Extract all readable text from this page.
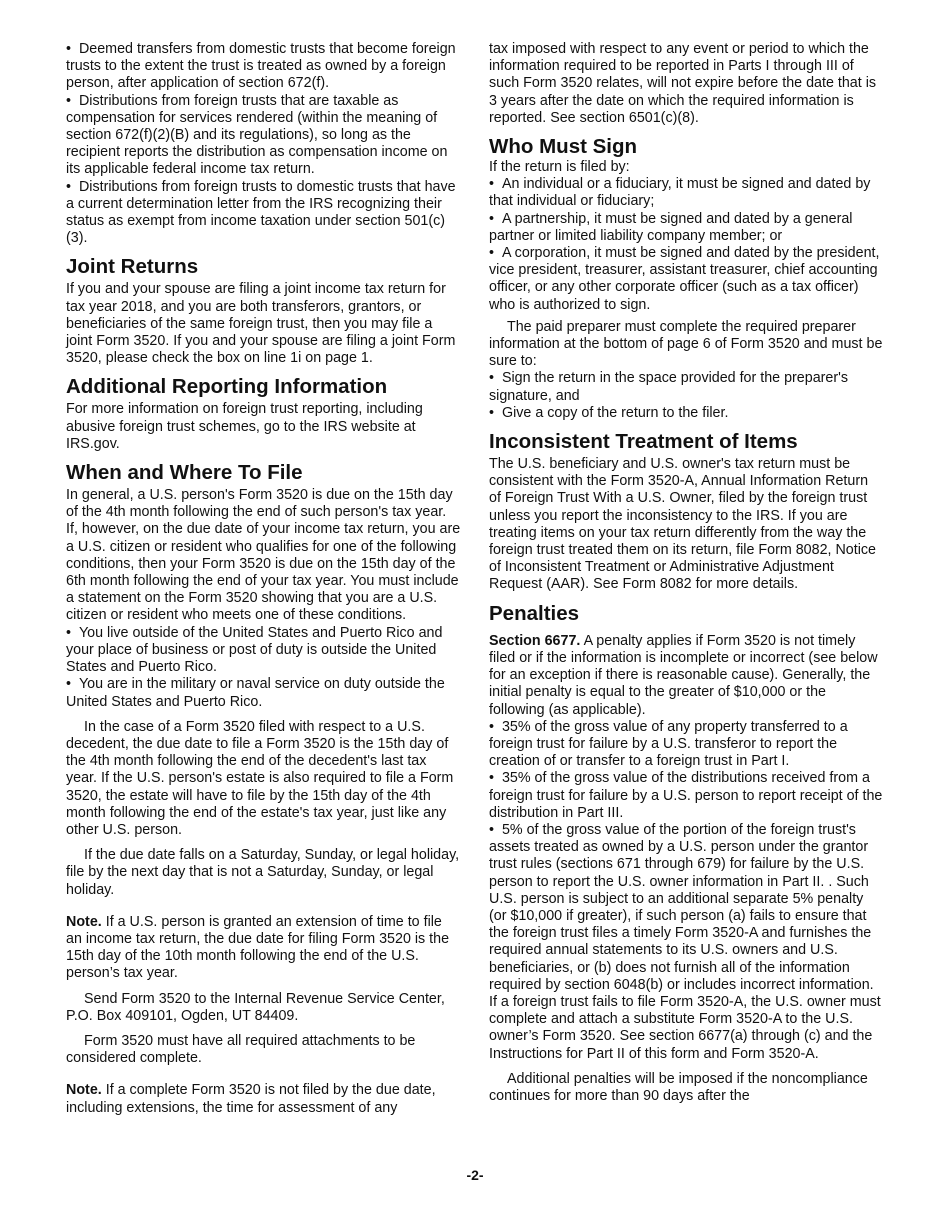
•  Deemed transfers from domestic trusts that become foreign trusts to the extent the trust is treated as owned by a foreign person, after application of section 672(f).

•  Distributions from foreign trusts that are taxable as compensation for services rendered (within the meaning of section 672(f)(2)(B) and its regulations), so long as the recipient reports the distribution as compensation income on its applicable federal income tax return.

•  Distributions from foreign trusts to domestic trusts that have a current determination letter from the IRS recognizing their status as exempt from income taxation under section 501(c)(3).

Joint Returns

If you and your spouse are filing a joint income tax return for tax year 2018, and you are both transferors, grantors, or beneficiaries of the same foreign trust, then you may file a joint Form 3520. If you and your spouse are filing a joint Form 3520, please check the box on line 1i on page 1.

Additional Reporting Information

For more information on foreign trust reporting, including abusive foreign trust schemes, go to the IRS website at IRS.gov.

When and Where To File

In general, a U.S. person's Form 3520 is due on the 15th day of the 4th month following the end of such person's tax year. If, however, on the due date of your income tax return, you are a U.S. citizen or resident who qualifies for one of the following conditions, then your Form 3520 is due on the 15th day of the 6th month following the end of your tax year. You must include a statement on the Form 3520 showing that you are a U.S. citizen or resident who meets one of these conditions.

•  You live outside of the United States and Puerto Rico and your place of business or post of duty is outside the United States and Puerto Rico.

•  You are in the military or naval service on duty outside the United States and Puerto Rico.

In the case of a Form 3520 filed with respect to a U.S. decedent, the due date to file a Form 3520 is the 15th day of the 4th month following the end of the decedent's last tax year. If the U.S. person's estate is also required to file a Form 3520, the estate will have to file by the 15th day of the 4th month following the end of the estate's tax year, just like any other U.S. person.

If the due date falls on a Saturday, Sunday, or legal holiday, file by the next day that is not a Saturday, Sunday, or legal holiday.

Note. If a U.S. person is granted an extension of time to file an income tax return, the due date for filing Form 3520 is the 15th day of the 10th month following the end of the U.S. person’s tax year.

Send Form 3520 to the Internal Revenue Service Center, P.O. Box 409101, Ogden, UT 84409.

Form 3520 must have all required attachments to be considered complete.

Note. If a complete Form 3520 is not filed by the due date, including extensions, the time for assessment of any

tax imposed with respect to any event or period to which the information required to be reported in Parts I through III of such Form 3520 relates, will not expire before the date that is 3 years after the date on which the required information is reported. See section 6501(c)(8).

Who Must Sign

If the return is filed by:

•  An individual or a fiduciary, it must be signed and dated by that individual or fiduciary;

•  A partnership, it must be signed and dated by a general partner or limited liability company member; or

•  A corporation, it must be signed and dated by the president, vice president, treasurer, assistant treasurer, chief accounting officer, or any other corporate officer (such as a tax officer) who is authorized to sign.

The paid preparer must complete the required preparer information at the bottom of page 6 of Form 3520 and must be sure to:

•  Sign the return in the space provided for the preparer's signature, and

•  Give a copy of the return to the filer.

Inconsistent Treatment of Items

The U.S. beneficiary and U.S. owner's tax return must be consistent with the Form 3520-A, Annual Information Return of Foreign Trust With a U.S. Owner, filed by the foreign trust unless you report the inconsistency to the IRS. If you are treating items on your tax return differently from the way the foreign trust treated them on its return, file Form 8082, Notice of Inconsistent Treatment or Administrative Adjustment Request (AAR). See Form 8082 for more details.

Penalties

Section 6677. A penalty applies if Form 3520 is not timely filed or if the information is incomplete or incorrect (see below for an exception if there is reasonable cause). Generally, the initial penalty is equal to the greater of $10,000 or the following (as applicable).

•  35% of the gross value of any property transferred to a foreign trust for failure by a U.S. transferor to report the creation of or transfer to a foreign trust in Part I.

•  35% of the gross value of the distributions received from a foreign trust for failure by a U.S. person to report receipt of the distribution in Part III.

•  5% of the gross value of the portion of the foreign trust's assets treated as owned by a U.S. person under the grantor trust rules (sections 671 through 679) for failure by the U.S. person to report the U.S. owner information in Part II. . Such U.S. person is subject to an additional separate 5% penalty (or $10,000 if greater), if such person (a) fails to ensure that the foreign trust files a timely Form 3520-A and furnishes the required annual statements to its U.S. owners and U.S. beneficiaries, or (b) does not furnish all of the information required by section 6048(b) or includes incorrect information. If a foreign trust fails to file Form 3520-A, the U.S. owner must complete and attach a substitute Form 3520-A to the U.S. owner’s Form 3520. See section 6677(a) through (c) and the Instructions for Part II of this form and Form 3520-A.

Additional penalties will be imposed if the noncompliance continues for more than 90 days after the

-2-
